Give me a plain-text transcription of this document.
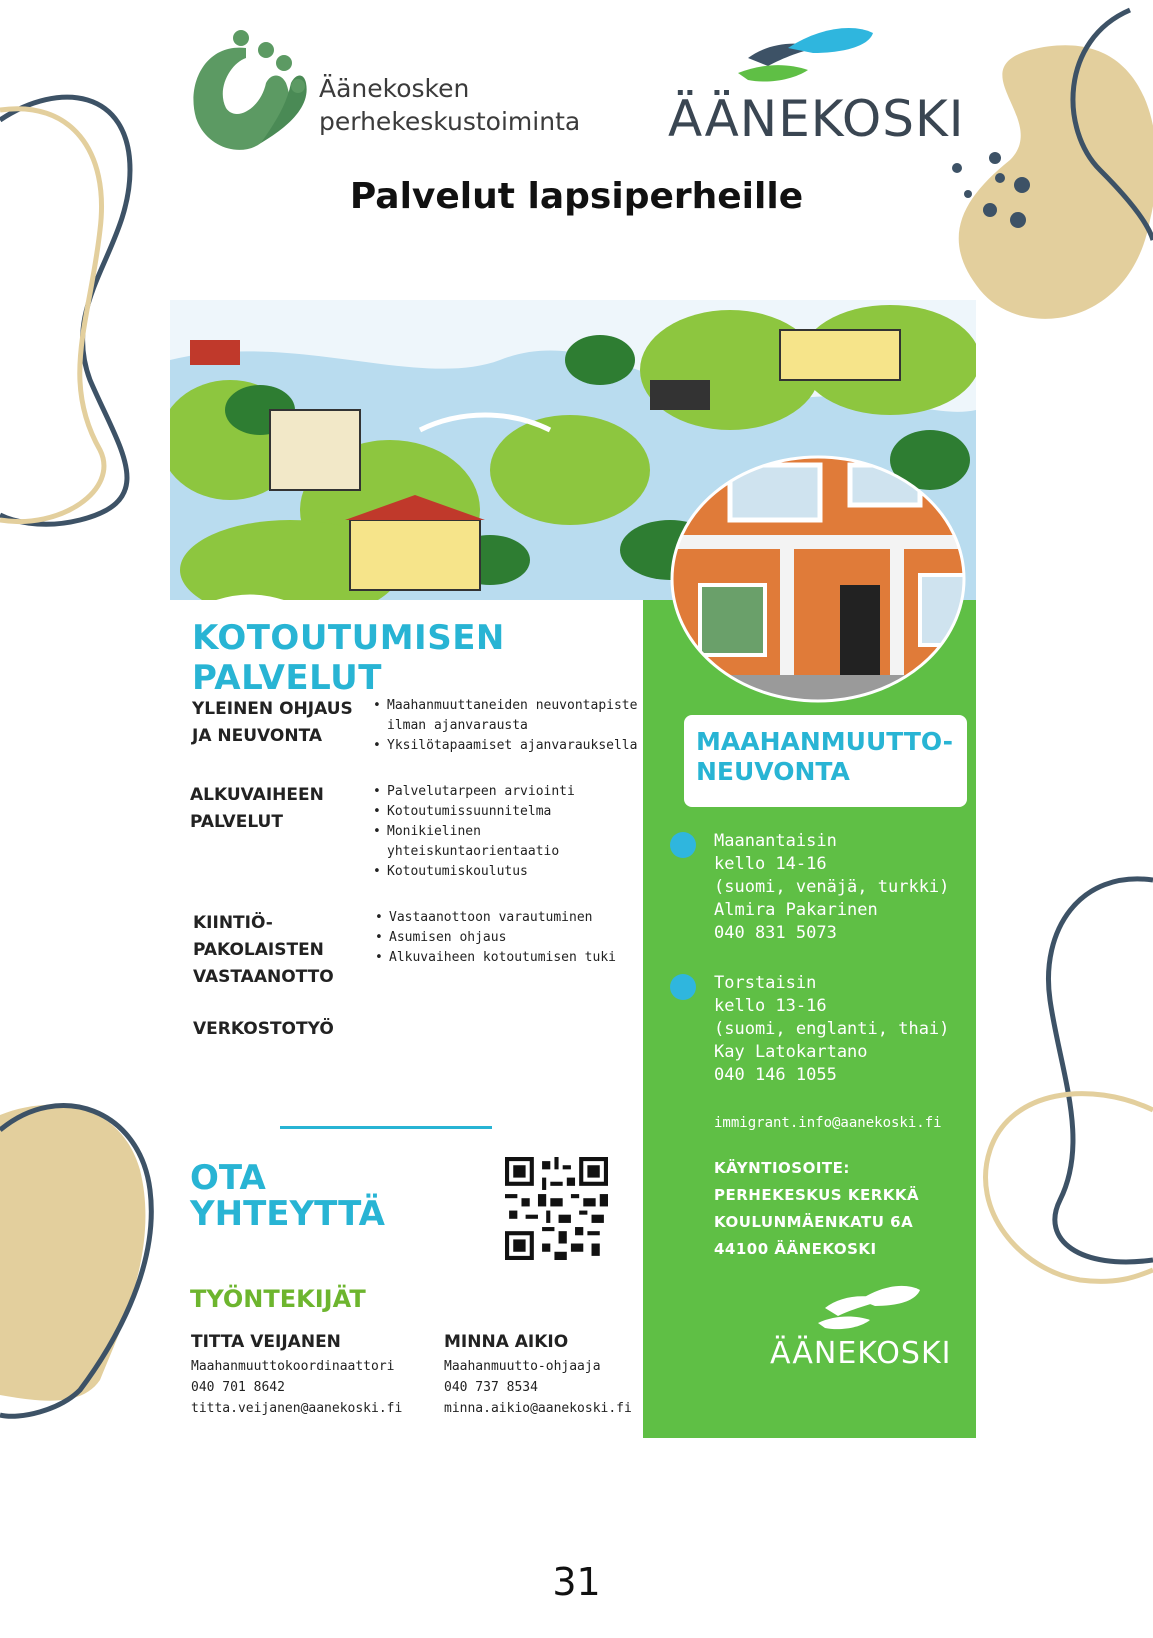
Äänekosken
perhekeskustoiminta ÄÄNEKOSKI
Palvelut lapsiperheille
KOTOUTUMISEN
PALVELUT
YLEINEN OHJAUS
JA NEUVONTA
• Maahanmuuttaneiden neuvontapiste ilman ajanvarausta
• Yksilötapaamiset ajanvarauksella
ALKUVAIHEEN
PALVELUT
• Palvelutarpeen arviointi
• Kotoutumissuunnitelma
• Monikielinen yhteiskuntaorientaatio
• Kotoutumiskoulutus
KIINTIÖ-
PAKOLAISTEN
VASTAANOTTO
• Vastaanottoon varautuminen
• Asumisen ohjaus
• Alkuvaiheen kotoutumisen tuki
VERKOSTOTYÖ
OTA
YHTEYTTÄ
TYÖNTEKIJÄT
TITTA VEIJANEN
Maahanmuuttokoordinaattori
040 701 8642
titta.veijanen@aanekoski.fi
MINNA AIKIO
Maahanmuutto-ohjaaja
040 737 8534
minna.aikio@aanekoski.fi
MAAHANMUUTTO-
NEUVONTA
Maanantaisin
kello 14-16
(suomi, venäjä, turkki)
Almira Pakarinen
040 831 5073
Torstaisin
kello 13-16
(suomi, englanti, thai)
Kay Latokartano
040 146 1055
immigrant.info@aanekoski.fi
KÄYNTIOSOITE:
PERHEKESKUS KERKKÄ
KOULUNMÄENKATU 6A
44100 ÄÄNEKOSKI
ÄÄNEKOSKI
31
